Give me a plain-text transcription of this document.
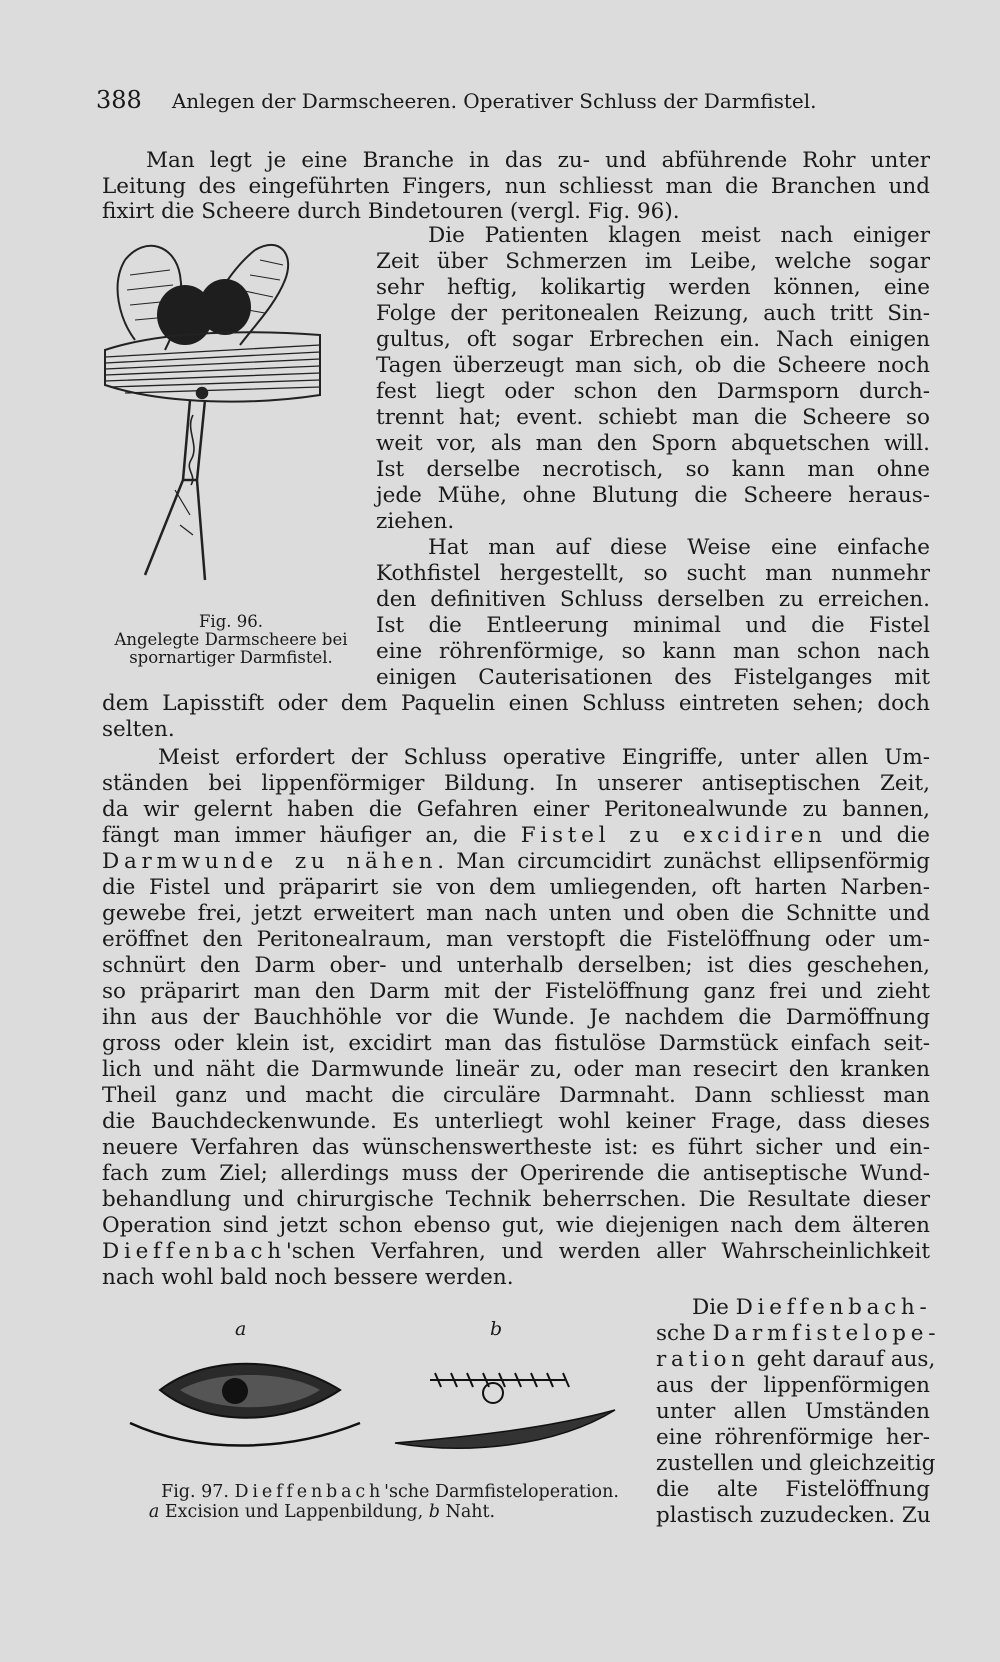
388 Anlegen der Darmscheeren. Operativer Schluss der Darmfistel.
Man legt je eine Branche in das zu- und abführende Rohr unter
Leitung des eingeführten Fingers, nun schliesst man die Branchen und
fixirt die Scheere durch Bindetouren (vergl. Fig. 96).
Fig. 96.
Angelegte Darmscheere bei
spornartiger Darmfistel.
Die Patienten klagen meist nach einiger
Zeit über Schmerzen im Leibe, welche sogar
sehr heftig, kolikartig werden können, eine
Folge der peritonealen Reizung, auch tritt Sin-
gultus, oft sogar Erbrechen ein. Nach einigen
Tagen überzeugt man sich, ob die Scheere noch
fest liegt oder schon den Darmsporn durch-
trennt hat; event. schiebt man die Scheere so
weit vor, als man den Sporn abquetschen will.
Ist derselbe necrotisch, so kann man ohne
jede Mühe, ohne Blutung die Scheere heraus-
ziehen.
Hat man auf diese Weise eine einfache
Kothfistel hergestellt, so sucht man nunmehr
den definitiven Schluss derselben zu erreichen.
Ist die Entleerung minimal und die Fistel
eine röhrenförmige, so kann man schon nach
einigen Cauterisationen des Fistelganges mit
dem Lapisstift oder dem Paquelin einen Schluss eintreten sehen; doch
selten.
Meist erfordert der Schluss operative Eingriffe, unter allen Um-
ständen bei lippenförmiger Bildung. In unserer antiseptischen Zeit,
da wir gelernt haben die Gefahren einer Peritonealwunde zu bannen,
fängt man immer häufiger an, die Fistel zu excidiren und die
Darmwunde zu nähen. Man circumcidirt zunächst ellipsenförmig
die Fistel und präparirt sie von dem umliegenden, oft harten Narben-
gewebe frei, jetzt erweitert man nach unten und oben die Schnitte und
eröffnet den Peritonealraum, man verstopft die Fistelöffnung oder um-
schnürt den Darm ober- und unterhalb derselben; ist dies geschehen,
so präparirt man den Darm mit der Fistelöffnung ganz frei und zieht
ihn aus der Bauchhöhle vor die Wunde. Je nachdem die Darmöffnung
gross oder klein ist, excidirt man das fistulöse Darmstück einfach seit-
lich und näht die Darmwunde lineär zu, oder man resecirt den kranken
Theil ganz und macht die circuläre Darmnaht. Dann schliesst man
die Bauchdeckenwunde. Es unterliegt wohl keiner Frage, dass dieses
neuere Verfahren das wünschenswertheste ist: es führt sicher und ein-
fach zum Ziel; allerdings muss der Operirende die antiseptische Wund-
behandlung und chirurgische Technik beherrschen. Die Resultate dieser
Operation sind jetzt schon ebenso gut, wie diejenigen nach dem älteren
Dieffenbach'schen Verfahren, und werden aller Wahrscheinlichkeit
nach wohl bald noch bessere werden.
a	b
Fig. 97. Dieffenbach'sche Darmfisteloperation.
a Excision und Lappenbildung, b Naht.
Die Dieffenbach-
sche Darmfistelope-
ration geht darauf aus,
aus der lippenförmigen
unter allen Umständen
eine röhrenförmige her-
zustellen und gleichzeitig
die alte Fistelöffnung
plastisch zuzudecken. Zu
